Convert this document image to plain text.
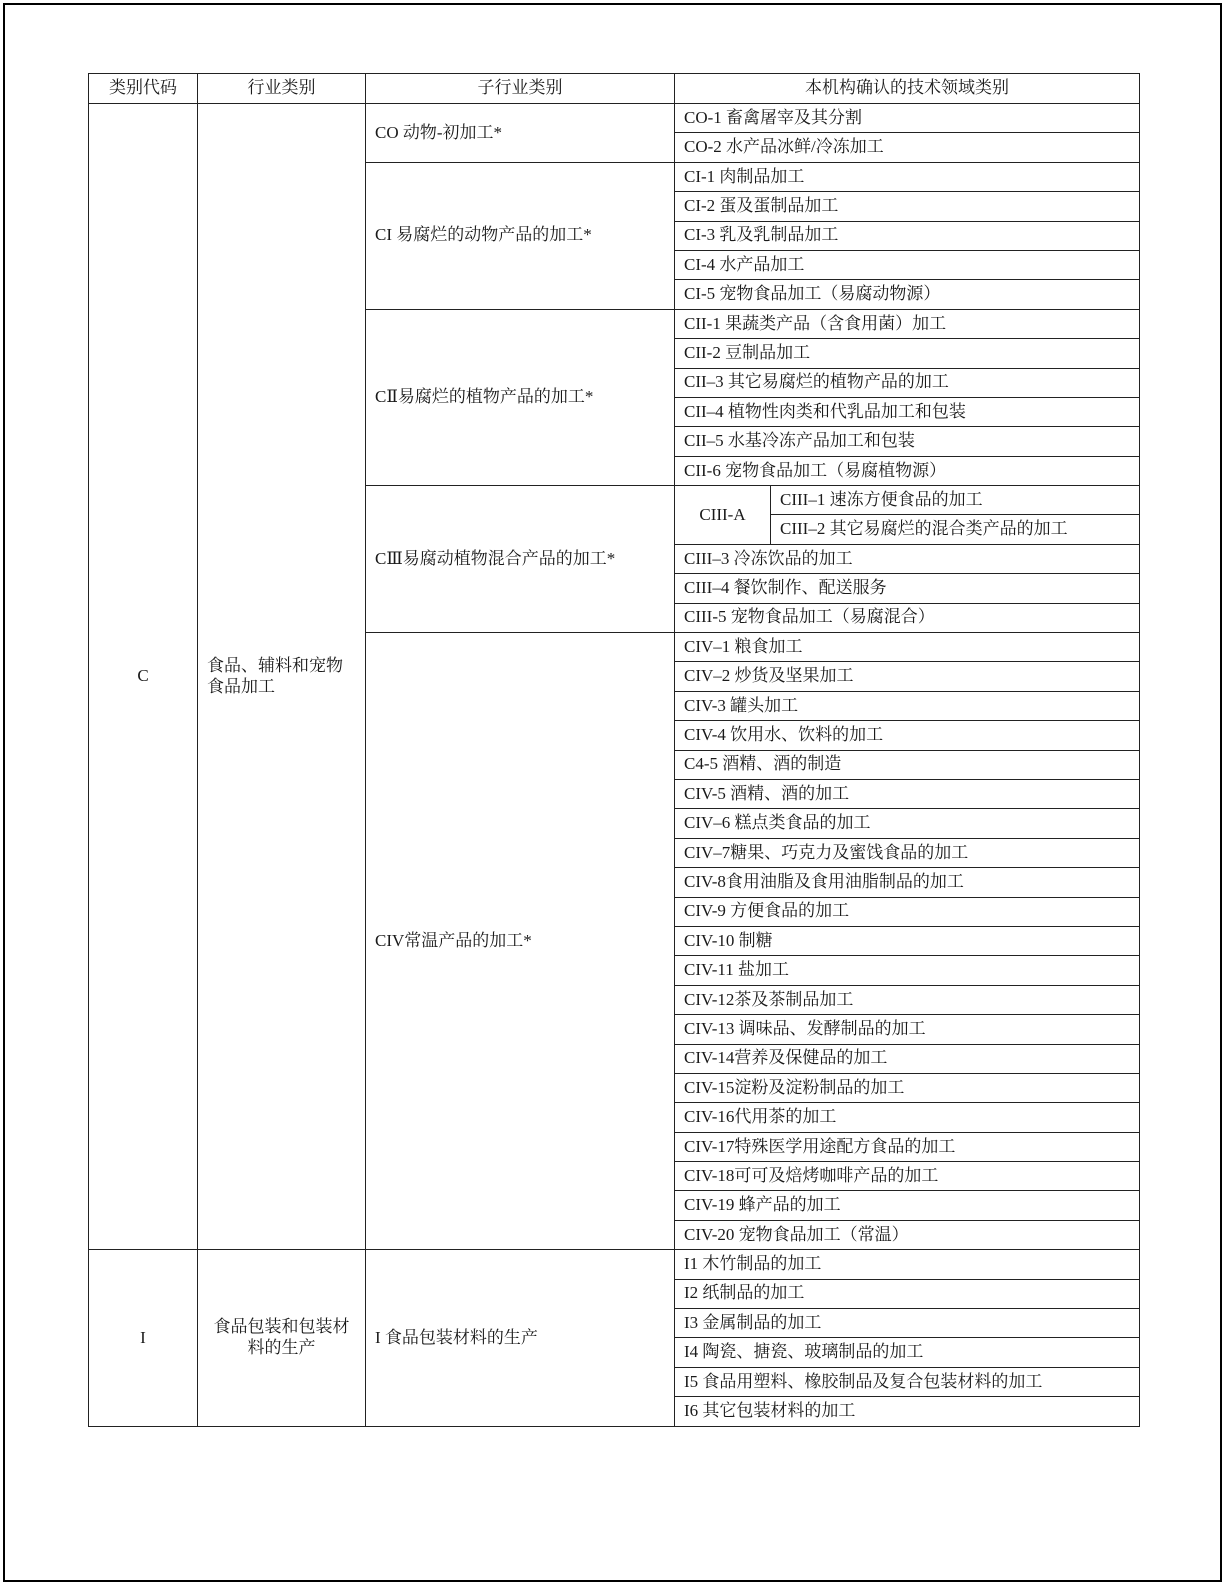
类别代码	行业类别	子行业类别	本机构确认的技术领域类别	
C	食品、辅料和宠物食品加工	CO 动物-初加工*	CO-1 畜禽屠宰及其分割	
			CO-2 水产品冰鲜/冷冻加工	
		CI 易腐烂的动物产品的加工*	CI-1 肉制品加工	
			CI-2 蛋及蛋制品加工	
			CI-3 乳及乳制品加工	
			CI-4 水产品加工	
			CI-5 宠物食品加工（易腐动物源）	
		CⅡ易腐烂的植物产品的加工*	CII-1 果蔬类产品（含食用菌）加工	
			CII-2 豆制品加工	
			CII–3 其它易腐烂的植物产品的加工	
			CII–4 植物性肉类和代乳品加工和包装	
			CII–5 水基冷冻产品加工和包装	
			CII-6 宠物食品加工（易腐植物源）	
		CⅢ易腐动植物混合产品的加工*	CIII-A	CIII–1 速冻方便食品的加工
				CIII–2 其它易腐烂的混合类产品的加工
			CIII–3 冷冻饮品的加工	
			CIII–4 餐饮制作、配送服务	
			CIII-5 宠物食品加工（易腐混合）	
		CIV常温产品的加工*	CIV–1 粮食加工	
			CIV–2 炒货及坚果加工	
			CIV-3 罐头加工	
			CIV-4 饮用水、饮料的加工	
			C4-5 酒精、酒的制造	
			CIV-5 酒精、酒的加工	
			CIV–6 糕点类食品的加工	
			CIV–7糖果、巧克力及蜜饯食品的加工	
			CIV-8食用油脂及食用油脂制品的加工	
			CIV-9 方便食品的加工	
			CIV-10 制糖	
			CIV-11 盐加工	
			CIV-12茶及茶制品加工	
			CIV-13 调味品、发酵制品的加工	
			CIV-14营养及保健品的加工	
			CIV-15淀粉及淀粉制品的加工	
			CIV-16代用茶的加工	
			CIV-17特殊医学用途配方食品的加工	
			CIV-18可可及焙烤咖啡产品的加工	
			CIV-19 蜂产品的加工	
			CIV-20 宠物食品加工（常温）	
I	食品包装和包装材料的生产	I 食品包装材料的生产	I1 木竹制品的加工	
			I2 纸制品的加工	
			I3 金属制品的加工	
			I4 陶瓷、搪瓷、玻璃制品的加工	
			I5 食品用塑料、橡胶制品及复合包装材料的加工	
			I6 其它包装材料的加工	
